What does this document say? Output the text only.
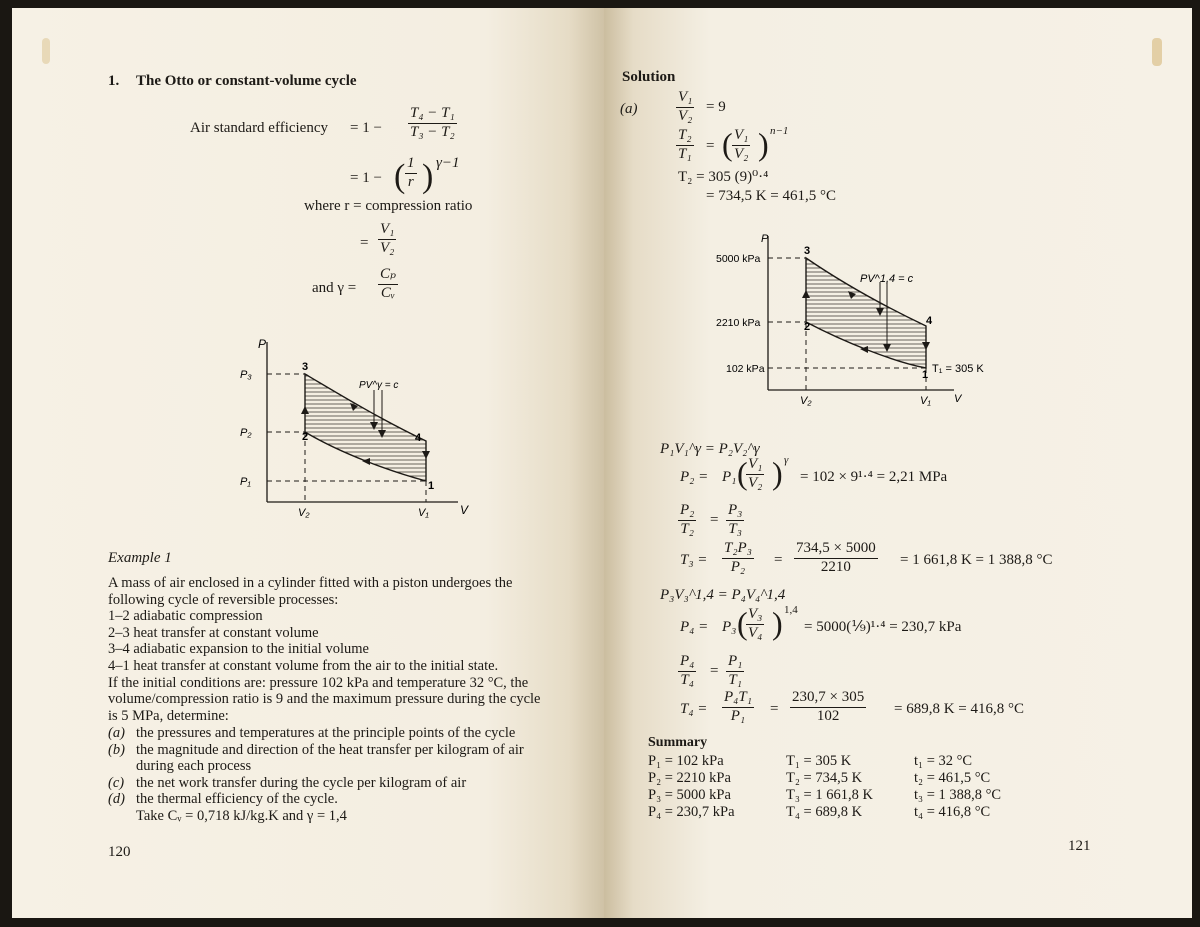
1. The Otto or constant-volume cycle
Air standard efficiency = $1 - \frac{\text{T₄ − T₁}}{\text{T₃ − T₂}}$
= 1 − ( $\frac{1}{r}$ ) γ−1
where r = compression ratio
= $\frac{\text{V₁}}{\text{V₂}}$
and $\gamma = \frac{\text{Cₚ}}{\text{Cᵥ}}$
P
V
3
2	4
1
PV^γ = c
P₃
P₂
P₁
V₂	V₁
Example 1
A mass of air enclosed in a cylinder fitted with a piston undergoes the
following cycle of reversible processes:
1–2 adiabatic compression
2–3 heat transfer at constant volume
3–4 adiabatic expansion to the initial volume
4–1 heat transfer at constant volume from the air to the initial state.
If the initial conditions are: pressure 102 kPa and temperature 32 °C, the
volume/compression ratio is 9 and the maximum pressure during the cycle
is 5 MPa, determine:
(a) the pressures and temperatures at the principle points of the cycle
(b) the magnitude and direction of the heat transfer per kilogram of air
during each process
(c) the net work transfer during the cycle per kilogram of air
(d) the thermal efficiency of the cycle.
Take Cᵥ = 0,718 kJ/kg.K and γ = 1,4
120
Solution
(a)	$\frac{\text{V₁}}{\text{V₂}} = 9$
$\frac{\text{T₂}}{\text{T₁}}$ = ( $\frac{\text{V₁}}{\text{V₂}}$ ) n−1
T₂ = 305 (9)⁰·⁴
= 734,5 K = 461,5 °C
P
V
3
2	4
1
PV^1,4 = c
T₁ = 305 K
5000 kPa
2210 kPa
102 kPa
V₂	V₁
P₁V₁^γ = P₂V₂^γ
P₂ = P₁ (
$\frac{\text{V₁}}{\text{V₂}}$ ) γ
= 102 × 9¹·⁴ = 2,21 MPa
$\frac{\text{P₂}}{\text{T₂}} = \frac{\text{P₃}}{\text{T₃}}$
$T_3 = \frac{\text{T₂P₃}}{\text{P₂}} = \frac{734,5 \times 5000}{2210} = 1$ 661,8 K = 1 388,8 °C
P₃V₃^1,4 = P₄V₄^1,4
P₄ = P₃ (
$\frac{\text{V₃}}{\text{V₄}}$ ) 1,4
= 5000(⅑)¹·⁴ = 230,7 kPa
$\frac{\text{P₄}}{\text{T₄}} = \frac{\text{P₁}}{\text{T₁}}$
$T_4 = \frac{\text{P₄T₁}}{\text{P₁}} = \frac{230,7 \times 305}{102} = 689,8$ K = 416,8 °C
Summary
P₁ = 102 kPa	T₁ = 305 K	t₁ = 32 °C
P₂ = 2210 kPa	T₂ = 734,5 K	t₂ = 461,5 °C
P₃ = 5000 kPa	T₃ = 1 661,8 K	t₃ = 1 388,8 °C
P₄ = 230,7 kPa	T₄ = 689,8 K	t₄ = 416,8 °C
121
